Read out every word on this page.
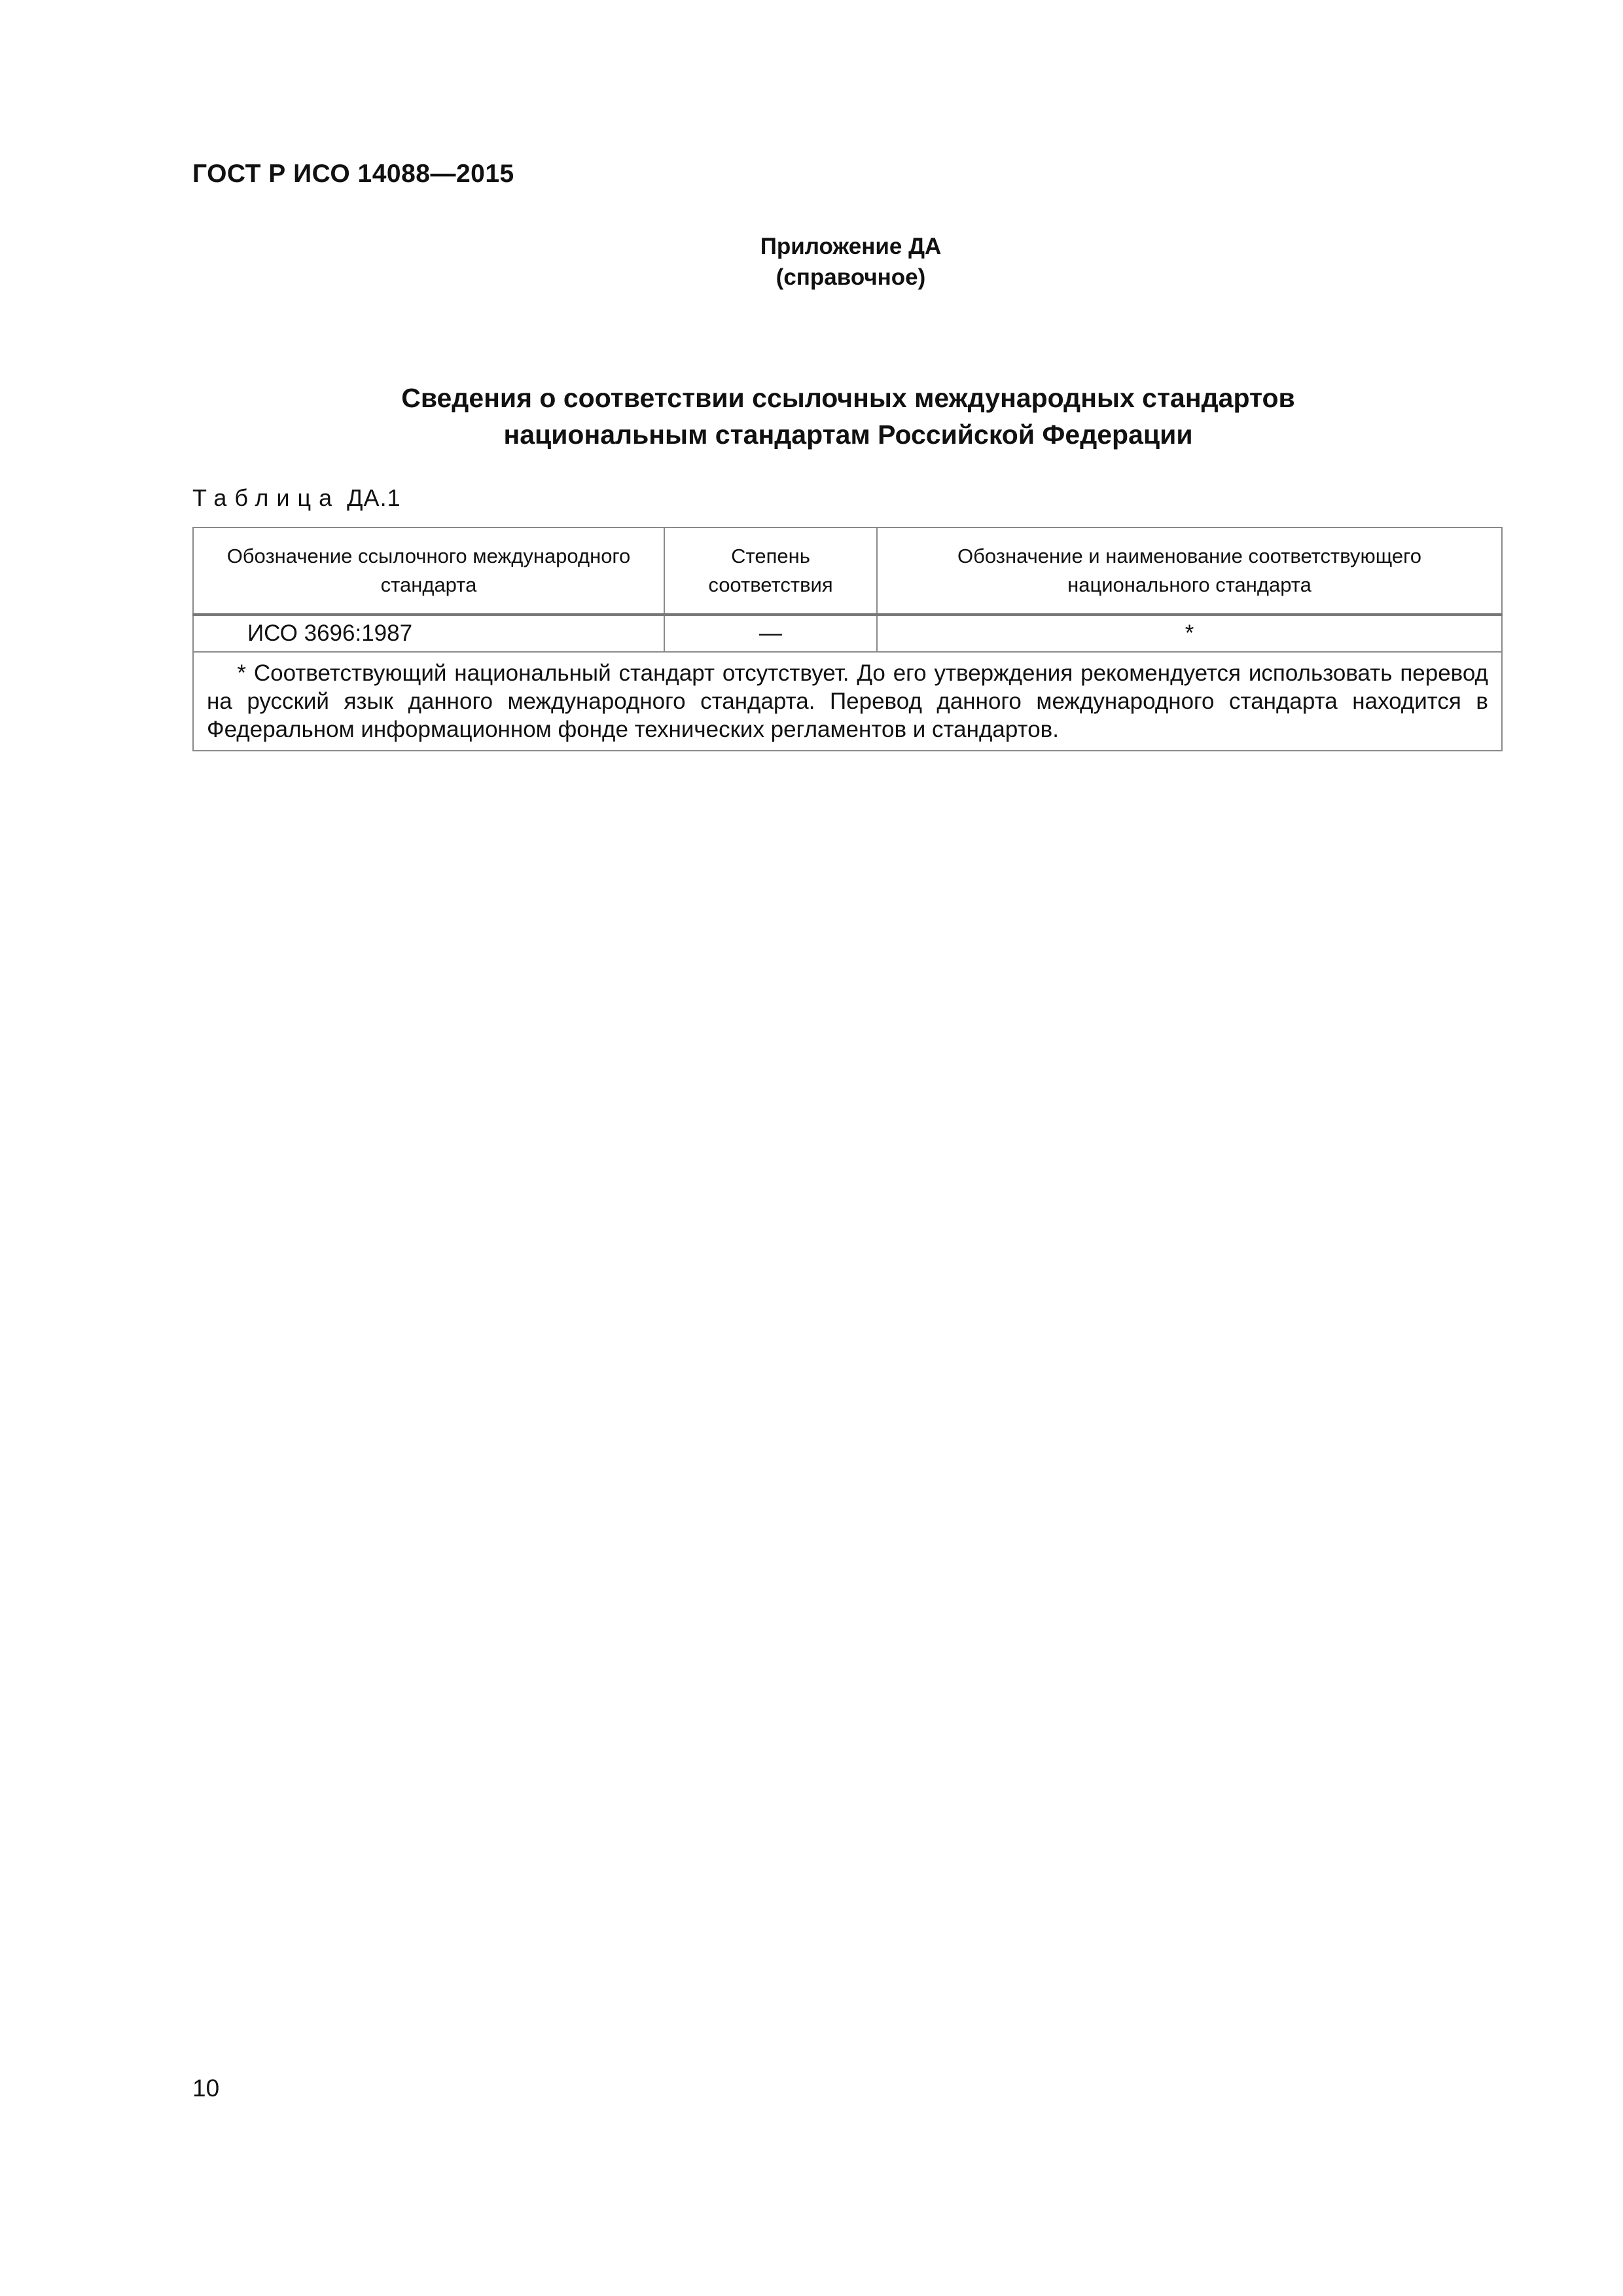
ГОСТ Р ИСО 14088—2015
Приложение ДА
(справочное)
Сведения о соответствии ссылочных международных стандартов
национальным стандартам Российской Федерации
Таблица ДА.1
Обозначение ссылочного международного стандарта	Степень соответствия	Обозначение и наименование соответствующего национального стандарта
ИСО 3696:1987	—	*
* Соответствующий национальный стандарт отсутствует. До его утверждения рекомендуется использовать перевод на русский язык данного международного стандарта. Перевод данного международного стандарта находится в Федеральном информационном фонде технических регламентов и стандартов.		
10
